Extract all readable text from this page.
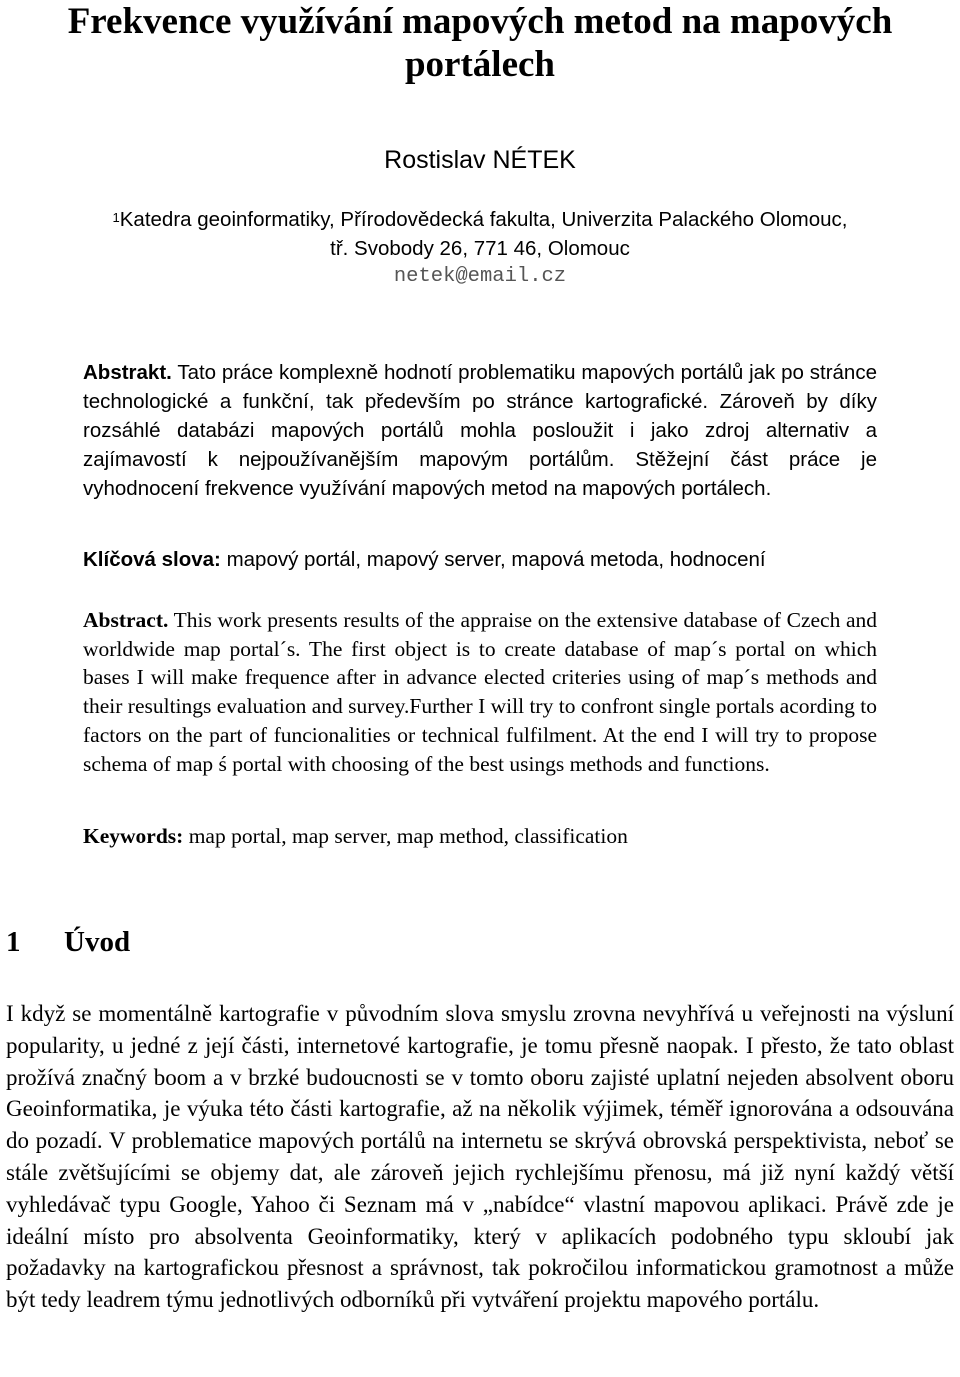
Frekvence využívání mapových metod na mapových portálech
Rostislav NÉTEK
$^1$Katedra geoinformatiky, Přírodovědecká fakulta, Univerzita Palackého Olomouc,
tř. Svobody 26, 771 46, Olomouc
netek@email.cz

Abstrakt. Tato práce komplexně hodnotí problematiku mapových portálů jak po stránce technologické a funkční, tak především po stránce kartografické. Zároveň by díky rozsáhlé databázi mapových portálů mohla posloužit i jako zdroj alternativ a zajímavostí k nejpoužívanějším mapovým portálům. Stěžejní část práce je vyhodnocení frekvence využívání mapových metod na mapových portálech.

Klíčová slova: mapový portál, mapový server, mapová metoda, hodnocení

Abstract. This work presents results of the appraise on the extensive database of Czech and worldwide map portal´s. The first object is to create database of map´s portal on which bases I will make frequence after in advance elected criteries using of map´s methods and their resultings evaluation and survey.Further I will try to confront single portals acording to factors on the part of funcionalities or technical fulfilment. At the end I will try to propose schema of map ś portal with choosing of the best usings methods and functions.

Keywords: map portal, map server, map method, classification

1 Úvod

I když se momentálně kartografie v původním slova smyslu zrovna nevyhřívá u veřejnosti na výsluní popularity, u jedné z její části, internetové kartografie, je tomu přesně naopak. I přesto, že tato oblast prožívá značný boom a v brzké budoucnosti se v tomto oboru zajisté uplatní nejeden absolvent oboru Geoinformatika, je výuka této části kartografie, až na několik výjimek, téměř ignorována a odsouvána do pozadí. V problematice mapových portálů na internetu se skrývá obrovská perspektivista, neboť se stále zvětšujícími se objemy dat, ale zároveň jejich rychlejšímu přenosu, má již nyní každý větší vyhledávač typu Google, Yahoo či Seznam má v „nabídce“ vlastní mapovou aplikaci. Právě zde je ideální místo pro absolventa Geoinformatiky, který v aplikacích podobného typu skloubí jak požadavky na kartografickou přesnost a správnost, tak pokročilou informatickou gramotnost a může být tedy leadrem týmu jednotlivých odborníků při vytváření projektu mapového portálu.
